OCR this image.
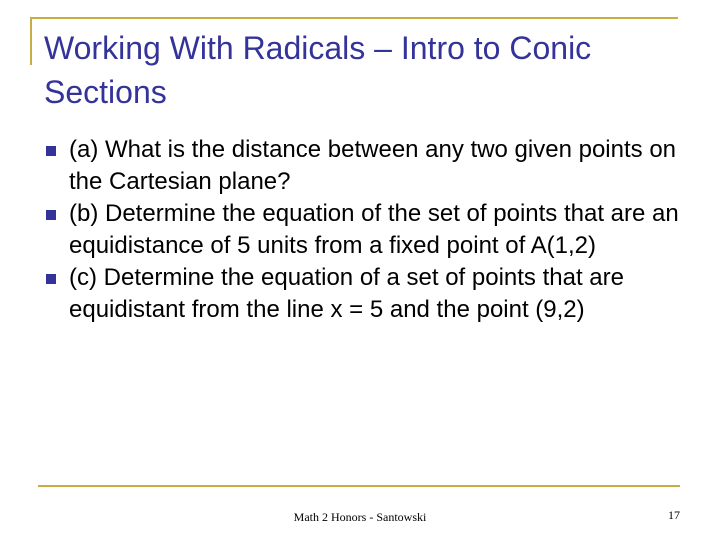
Working With Radicals – Intro to Conic Sections
(a) What is the distance between any two given points on the Cartesian plane?
(b) Determine the equation of the set of points that are an equidistance of 5 units from a fixed point of A(1,2)
(c) Determine the equation of a set of points that are equidistant from the line x = 5 and the point (9,2)
Math 2 Honors - Santowski	17
